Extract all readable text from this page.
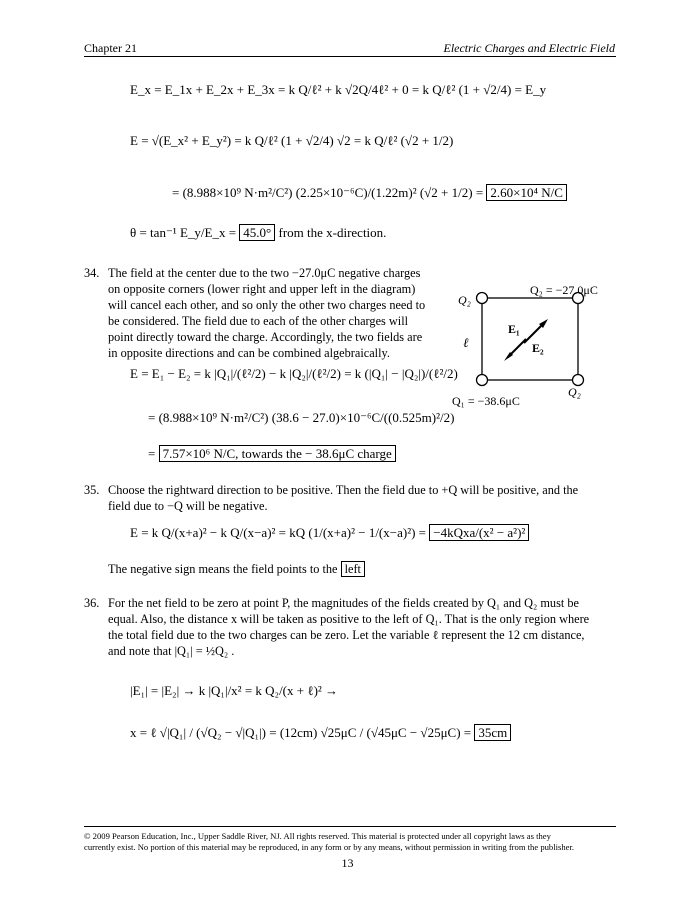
Chapter 21	Electric Charges and Electric Field
E_x = E_1x + E_2x + E_3x = k Q/ℓ² + k √2Q/4ℓ² + 0 = k Q/ℓ² (1 + √2/4) = E_y
E = √(E_x² + E_y²) = k Q/ℓ² (1 + √2/4) √2 = k Q/ℓ² (√2 + 1/2)
= (8.988×10⁹ N·m²/C²) (2.25×10⁻⁶C)/(1.22m)² (√2 + 1/2) = 2.60×10⁴ N/C
θ = tan⁻¹ E_y/E_x = 45.0° from the x-direction.
34. The field at the center due to the two −27.0μC negative charges
on opposite corners (lower right and upper left in the diagram)
will cancel each other, and so only the other two charges need to
be considered. The field due to each of the other charges will
point directly toward the charge. Accordingly, the two fields are
in opposite directions and can be combined algebraically.
Q₂ = −27.0μC
Q₂
Q₁ = −38.6μC
Q₂
E₁
E₂
ℓ
E = E₁ − E₂ = k |Q₁|/(ℓ²/2) − k |Q₂|/(ℓ²/2) = k (|Q₁| − |Q₂|)/(ℓ²/2)
= (8.988×10⁹ N·m²/C²) (38.6 − 27.0)×10⁻⁶C/((0.525m)²/2)
= 7.57×10⁶ N/C, towards the − 38.6μC charge
35. Choose the rightward direction to be positive. Then the field due to +Q will be positive, and the
field due to −Q will be negative.
E = k Q/(x+a)² − k Q/(x−a)² = kQ (1/(x+a)² − 1/(x−a)²) = −4kQxa/(x² − a²)²
The negative sign means the field points to the left
36. For the net field to be zero at point P, the magnitudes of the fields created by Q₁ and Q₂ must be
equal. Also, the distance x will be taken as positive to the left of Q₁. That is the only region where
the total field due to the two charges can be zero. Let the variable ℓ represent the 12 cm distance,
and note that |Q₁| = ½Q₂ .
|E₁| = |E₂| → k |Q₁|/x² = k Q₂/(x + ℓ)² →
x = ℓ √|Q₁| / (√Q₂ − √|Q₁|) = (12cm) √25μC / (√45μC − √25μC) = 35cm
© 2009 Pearson Education, Inc., Upper Saddle River, NJ. All rights reserved. This material is protected under all copyright laws as they
currently exist. No portion of this material may be reproduced, in any form or by any means, without permission in writing from the publisher.
13
